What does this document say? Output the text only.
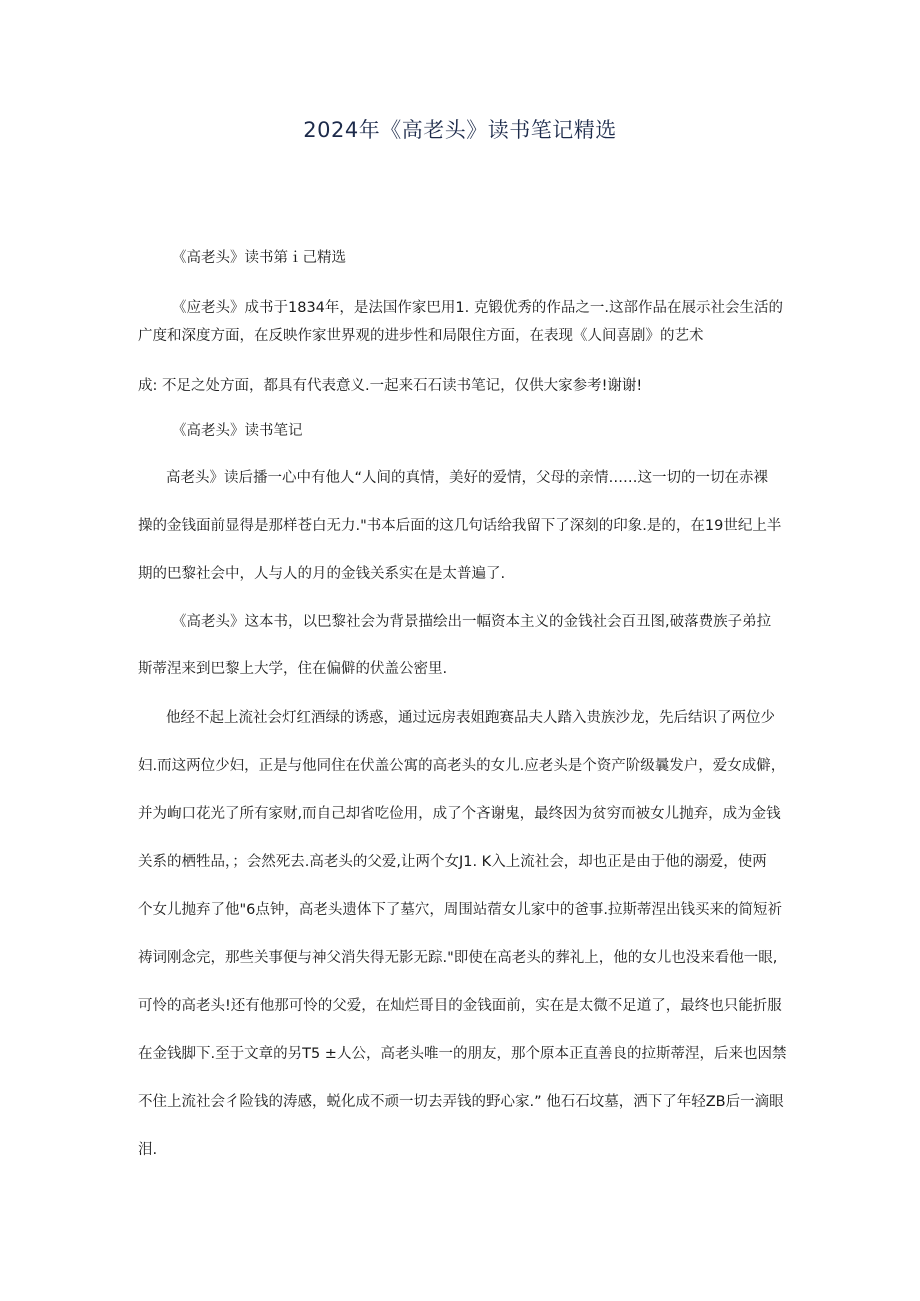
2024年《高老头》读书笔记精选
《高老头》读书第ｉ己精选
《应老头》成书于1834年，是法国作家巴用1. 克锻优秀的作品之一.这部作品在展示社会生活的
广度和深度方面，在反映作家世界观的进步性和局限住方面，在表现《人间喜剧》的艺术
成: 不足之处方面，都具有代表意义.一起来石石读书笔记，仅供大家参考!谢谢!
《高老头》读书笔记
高老头》读后播一心中有他人“人间的真情，美好的爱情，父母的亲情……这一切的一切在赤裸
操的金钱面前显得是那样苍白无力."书本后面的这几句话给我留下了深刻的印象.是的，在19世纪上半
期的巴黎社会中，人与人的月的金钱关系实在是太普遍了.
《高老头》这本书，以巴黎社会为背景描绘出一幅资本主义的金钱社会百丑图,破落费族子弟拉
斯蒂涅来到巴黎上大学，住在偏僻的伏盖公密里.
他经不起上流社会灯红酒绿的诱惑，通过远房表姐跑赛品夫人踏入贵族沙龙，先后结识了两位少
妇.而这两位少妇，正是与他同住在伏盖公寓的高老头的女儿.应老头是个资产阶级曩发户，爱女成僻，
并为峋口花光了所有家财,而自己却省吃俭用，成了个吝谢鬼，最终因为贫穷而被女儿抛弃，成为金钱
关系的栖牲品，；会然死去.高老头的父爱,让两个女J1. K入上流社会，却也正是由于他的溺爱，使两
个女儿抛弃了他"6点钟，高老头遗体下了墓穴，周围站蓿女儿家中的爸事.拉斯蒂涅出钱买来的简短祈
祷词刚念完，那些关事便与神父消失得无影无踪."即使在高老头的葬礼上，他的女儿也没来看他一眼,
可怜的高老头!还有他那可怜的父爱，在灿烂哥目的金钱面前，实在是太微不足道了，最终也只能折服
在金钱脚下.至于文章的另T5 ±人公，高老头唯一的朋友，那个原本正直善良的拉斯蒂涅，后来也因禁
不住上流社会彳险钱的涛感，蜕化成不顽一切去弄钱的野心家.” 他石石坟墓，洒下了年轻ZB后一滴眼
泪.
